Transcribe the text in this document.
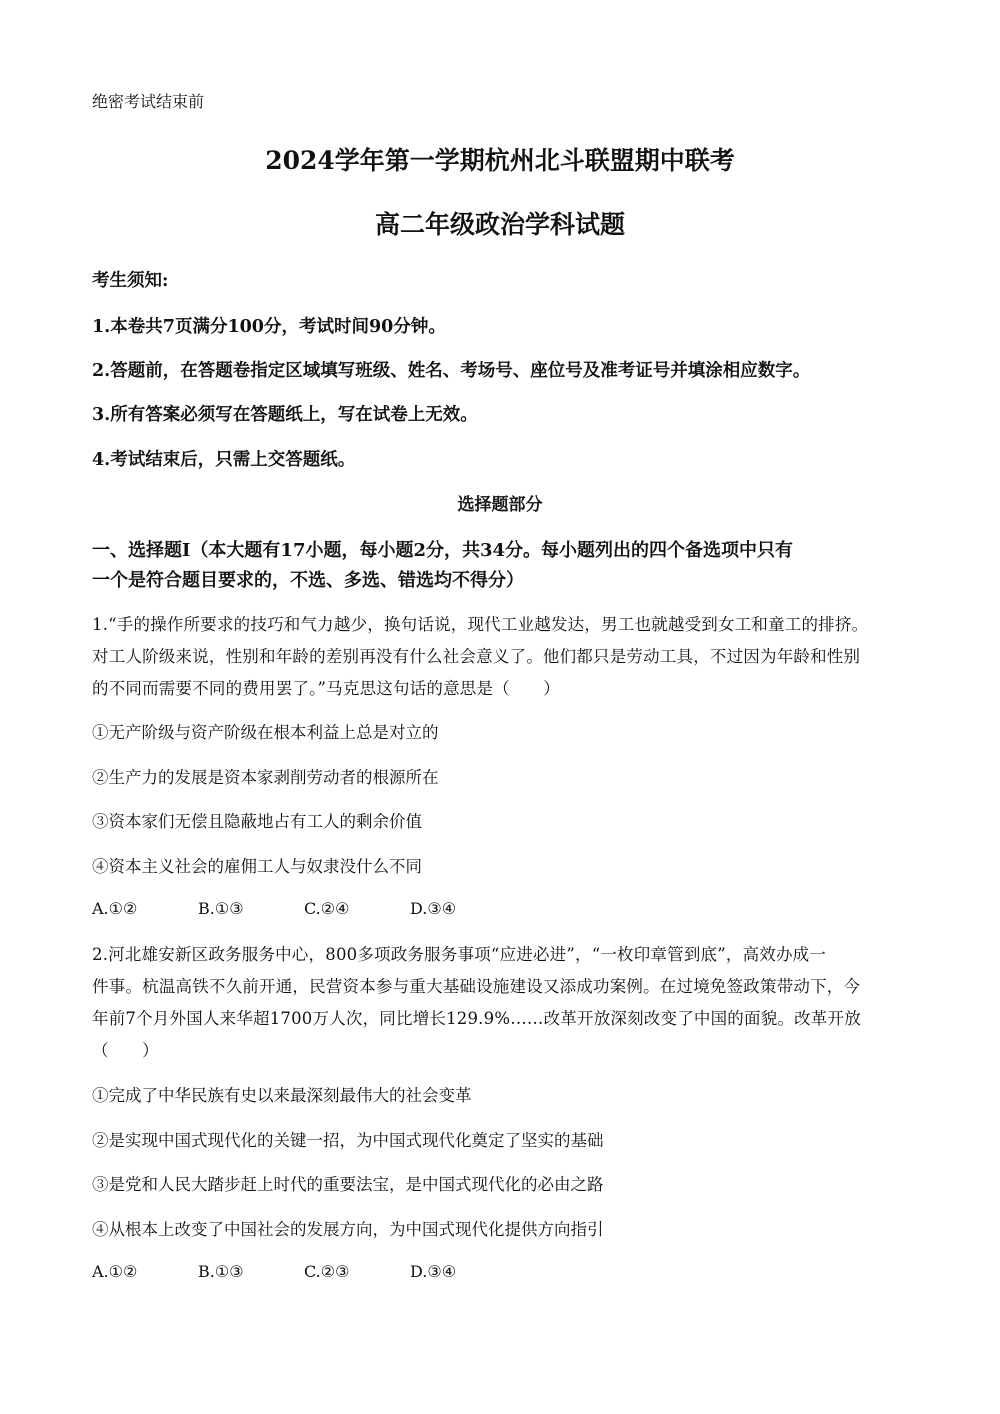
绝密考试结束前
2024学年第一学期杭州北斗联盟期中联考
高二年级政治学科试题
考生须知:
1.本卷共7页满分100分，考试时间90分钟。
2.答题前，在答题卷指定区域填写班级、姓名、考场号、座位号及准考证号并填涂相应数字。
3.所有答案必须写在答题纸上，写在试卷上无效。
4.考试结束后，只需上交答题纸。
选择题部分
一、选择题Ⅰ（本大题有17小题，每小题2分，共34分。每小题列出的四个备选项中只有
一个是符合题目要求的，不选、多选、错选均不得分）
1.“手的操作所要求的技巧和气力越少，换句话说，现代工业越发达，男工也就越受到女工和童工的排挤。
对工人阶级来说，性别和年龄的差别再没有什么社会意义了。他们都只是劳动工具，不过因为年龄和性别
的不同而需要不同的费用罢了。”马克思这句话的意思是（　　）
①无产阶级与资产阶级在根本利益上总是对立的
②生产力的发展是资本家剥削劳动者的根源所在
③资本家们无偿且隐蔽地占有工人的剩余价值
④资本主义社会的雇佣工人与奴隶没什么不同
A.①②	B.①③	C.②④	D.③④
2.河北雄安新区政务服务中心，800多项政务服务事项“应进必进”，“一枚印章管到底”，高效办成一
件事。杭温高铁不久前开通，民营资本参与重大基础设施建设又添成功案例。在过境免签政策带动下，今
年前7个月外国人来华超1700万人次，同比增长129.9%……改革开放深刻改变了中国的面貌。改革开放
（　　）
①完成了中华民族有史以来最深刻最伟大的社会变革
②是实现中国式现代化的关键一招，为中国式现代化奠定了坚实的基础
③是党和人民大踏步赶上时代的重要法宝，是中国式现代化的必由之路
④从根本上改变了中国社会的发展方向，为中国式现代化提供方向指引
A.①②	B.①③	C.②③	D.③④
